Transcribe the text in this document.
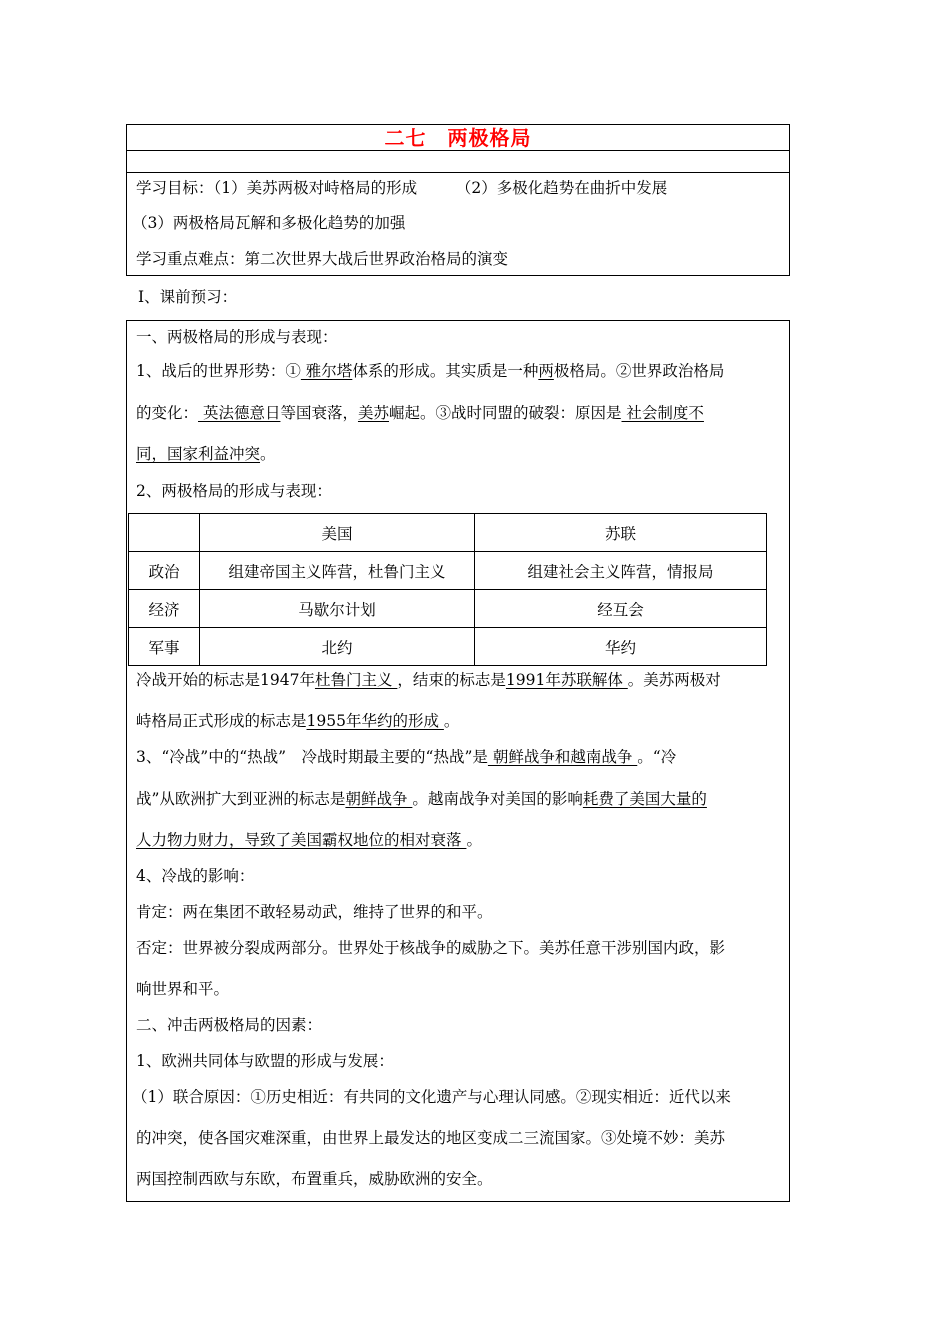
二七　两极格局
学习目标：（1）美苏两极对峙格局的形成　　　（2）多极化趋势在曲折中发展
（3）两极格局瓦解和多极化趋势的加强
学习重点难点：第二次世界大战后世界政治格局的演变
Ⅰ、课前预习：
一、两极格局的形成与表现：
1、战后的世界形势：① 雅尔塔体系的形成。其实质是一种两极格局。②世界政治格局
的变化： 英法德意日等国衰落，美苏崛起。③战时同盟的破裂：原因是 社会制度不
同，国家利益冲突。
2、两极格局的形成与表现：
	美国	苏联
政治	组建帝国主义阵营，杜鲁门主义	组建社会主义阵营，情报局
经济	马歇尔计划	经互会
军事	北约	华约
冷战开始的标志是1947年杜鲁门主义 ，结束的标志是1991年苏联解体 。美苏两极对
峙格局正式形成的标志是1955年华约的形成 。
3、“冷战”中的“热战”　冷战时期最主要的“热战”是 朝鲜战争和越南战争 。“冷
战”从欧洲扩大到亚洲的标志是朝鲜战争 。越南战争对美国的影响耗费了美国大量的
人力物力财力，导致了美国霸权地位的相对衰落 。
4、冷战的影响：
肯定：两在集团不敢轻易动武，维持了世界的和平。
否定：世界被分裂成两部分。世界处于核战争的威胁之下。美苏任意干涉别国内政，影
响世界和平。
二、冲击两极格局的因素：
1、欧洲共同体与欧盟的形成与发展：
（1）联合原因：①历史相近：有共同的文化遗产与心理认同感。②现实相近：近代以来
的冲突，使各国灾难深重，由世界上最发达的地区变成二三流国家。③处境不妙：美苏
两国控制西欧与东欧，布置重兵，威胁欧洲的安全。
